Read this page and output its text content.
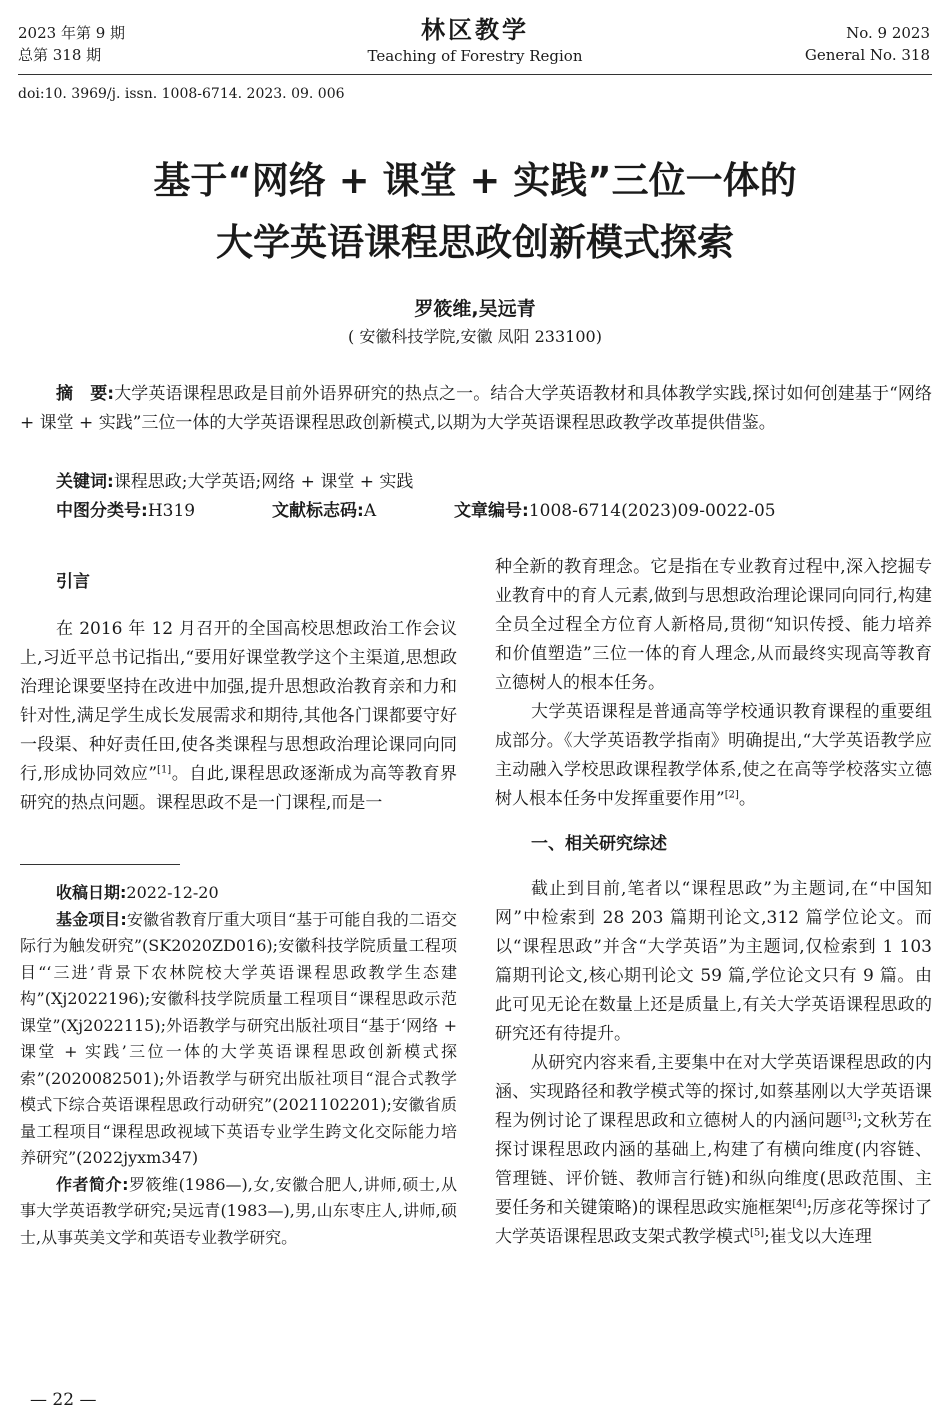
2023 年第 9 期
总第 318 期
林区教学
Teaching of Forestry Region
No. 9 2023
General No. 318
doi:10. 3969/j. issn. 1008-6714. 2023. 09. 006
基于“网络 + 课堂 + 实践”三位一体的
大学英语课程思政创新模式探索
罗筱维,吴远青
( 安徽科技学院,安徽 凤阳 233100)
摘　要:大学英语课程思政是目前外语界研究的热点之一。结合大学英语教材和具体教学实践,探讨如何创建基于“网络 + 课堂 + 实践”三位一体的大学英语课程思政创新模式,以期为大学英语课程思政教学改革提供借鉴。
关键词:课程思政;大学英语;网络 + 课堂 + 实践
中图分类号:H319	文献标志码:A	文章编号:1008-6714(2023)09-0022-05
引言
在 2016 年 12 月召开的全国高校思想政治工作会议上,习近平总书记指出,“要用好课堂教学这个主渠道,思想政治理论课要坚持在改进中加强,提升思想政治教育亲和力和针对性,满足学生成长发展需求和期待,其他各门课都要守好一段渠、种好责任田,使各类课程与思想政治理论课同向同行,形成协同效应”[1]。自此,课程思政逐渐成为高等教育界研究的热点问题。课程思政不是一门课程,而是一
收稿日期:2022-12-20
基金项目:安徽省教育厅重大项目“基于可能自我的二语交际行为触发研究”(SK2020ZD016);安徽科技学院质量工程项目“‘三进’背景下农林院校大学英语课程思政教学生态建构”(Xj2022196);安徽科技学院质量工程项目“课程思政示范课堂”(Xj2022115);外语教学与研究出版社项目“基于‘网络 + 课堂 + 实践’三位一体的大学英语课程思政创新模式探索”(2020082501);外语教学与研究出版社项目“混合式教学模式下综合英语课程思政行动研究”(2021102201);安徽省质量工程项目“课程思政视域下英语专业学生跨文化交际能力培养研究”(2022jyxm347)
作者简介:罗筱维(1986—),女,安徽合肥人,讲师,硕士,从事大学英语教学研究;吴远青(1983—),男,山东枣庄人,讲师,硕士,从事英美文学和英语专业教学研究。
种全新的教育理念。它是指在专业教育过程中,深入挖掘专业教育中的育人元素,做到与思想政治理论课同向同行,构建全员全过程全方位育人新格局,贯彻“知识传授、能力培养和价值塑造”三位一体的育人理念,从而最终实现高等教育立德树人的根本任务。
大学英语课程是普通高等学校通识教育课程的重要组成部分。《大学英语教学指南》明确提出,“大学英语教学应主动融入学校思政课程教学体系,使之在高等学校落实立德树人根本任务中发挥重要作用”[2]。
一、相关研究综述
截止到目前,笔者以“课程思政”为主题词,在“中国知网”中检索到 28 203 篇期刊论文,312 篇学位论文。而以“课程思政”并含“大学英语”为主题词,仅检索到 1 103 篇期刊论文,核心期刊论文 59 篇,学位论文只有 9 篇。由此可见无论在数量上还是质量上,有关大学英语课程思政的研究还有待提升。
从研究内容来看,主要集中在对大学英语课程思政的内涵、实现路径和教学模式等的探讨,如蔡基刚以大学英语课程为例讨论了课程思政和立德树人的内涵问题[3];文秋芳在探讨课程思政内涵的基础上,构建了有横向维度(内容链、管理链、评价链、教师言行链)和纵向维度(思政范围、主要任务和关键策略)的课程思政实施框架[4];厉彦花等探讨了大学英语课程思政支架式教学模式[5];崔戈以大连理
— 22 —
